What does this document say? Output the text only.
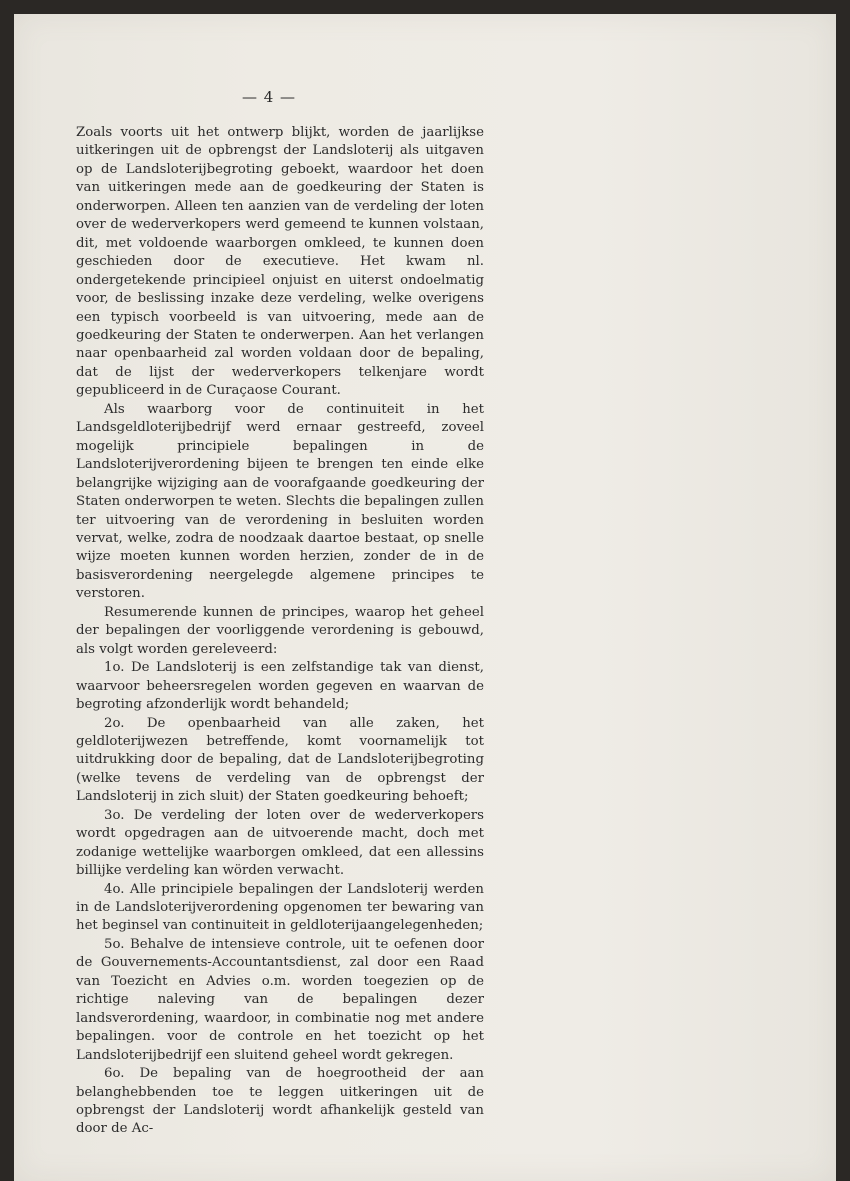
— 4 —

Zoals voorts uit het ontwerp blijkt, worden de jaarlijkse uitkeringen uit de opbrengst der Landsloterij als uitgaven op de Landsloterijbegroting geboekt, waardoor het doen van uitkeringen mede aan de goedkeuring der Staten is onderworpen. Alleen ten aanzien van de verdeling der loten over de wederverkopers werd gemeend te kunnen volstaan, dit, met voldoende waarborgen omkleed, te kunnen doen geschieden door de executieve. Het kwam nl. ondergetekende principieel onjuist en uiterst ondoelmatig voor, de beslissing inzake deze verdeling, welke overigens een typisch voorbeeld is van uitvoering, mede aan de goedkeuring der Staten te onderwerpen. Aan het verlangen naar openbaarheid zal worden voldaan door de bepaling, dat de lijst der wederverkopers telkenjare wordt gepubliceerd in de Curaçaose Courant.

Als waarborg voor de continuiteit in het Landsgeldloterijbedrijf werd ernaar gestreefd, zoveel mogelijk principiele bepalingen in de Landsloterijverordening bijeen te brengen ten einde elke belangrijke wijziging aan de voorafgaande goedkeuring der Staten onderworpen te weten. Slechts die bepalingen zullen ter uitvoering van de verordening in besluiten worden vervat, welke, zodra de noodzaak daartoe bestaat, op snelle wijze moeten kunnen worden herzien, zonder de in de basisverordening neergelegde algemene principes te verstoren.

Resumerende kunnen de principes, waarop het geheel der bepalingen der voorliggende verordening is gebouwd, als volgt worden gereleveerd:

1o. De Landsloterij is een zelfstandige tak van dienst, waarvoor beheersregelen worden gegeven en waarvan de begroting afzonderlijk wordt behandeld;

2o. De openbaarheid van alle zaken, het geldloterijwezen betreffende, komt voornamelijk tot uitdrukking door de bepaling, dat de Landsloterijbegroting (welke tevens de verdeling van de opbrengst der Landsloterij in zich sluit) der Staten goedkeuring behoeft;

3o. De verdeling der loten over de wederverkopers wordt opgedragen aan de uitvoerende macht, doch met zodanige wettelijke waarborgen omkleed, dat een allessins billijke verdeling kan wörden verwacht.

4o. Alle principiele bepalingen der Landsloterij werden in de Landsloterijverordening opgenomen ter bewaring van het beginsel van continuiteit in geldloterijaangelegenheden;

5o. Behalve de intensieve controle, uit te oefenen door de Gouvernements-Accountantsdienst, zal door een Raad van Toezicht en Advies o.m. worden toegezien op de richtige naleving van de bepalingen dezer landsverordening, waardoor, in combinatie nog met andere bepalingen. voor de controle en het toezicht op het Landsloterijbedrijf een sluitend geheel wordt gekregen.

6o. De bepaling van de hoegrootheid der aan belanghebbenden toe te leggen uitkeringen uit de opbrengst der Landsloterij wordt afhankelijk gesteld van door de Ac-
